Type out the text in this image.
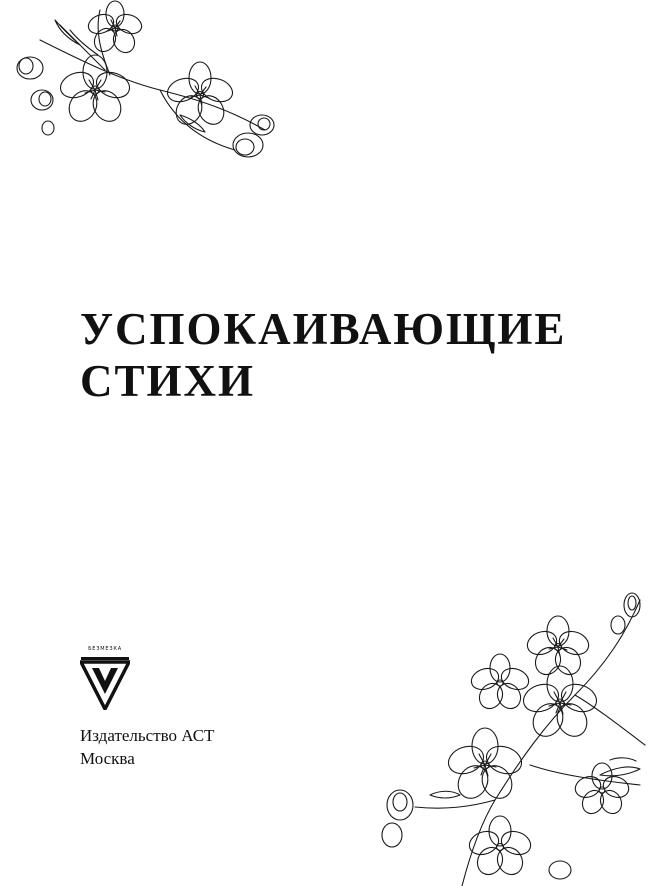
УСПОКАИВАЮЩИЕ
СТИХИ
БЕЗМЕЗКА
Издательство АСТ
Москва
